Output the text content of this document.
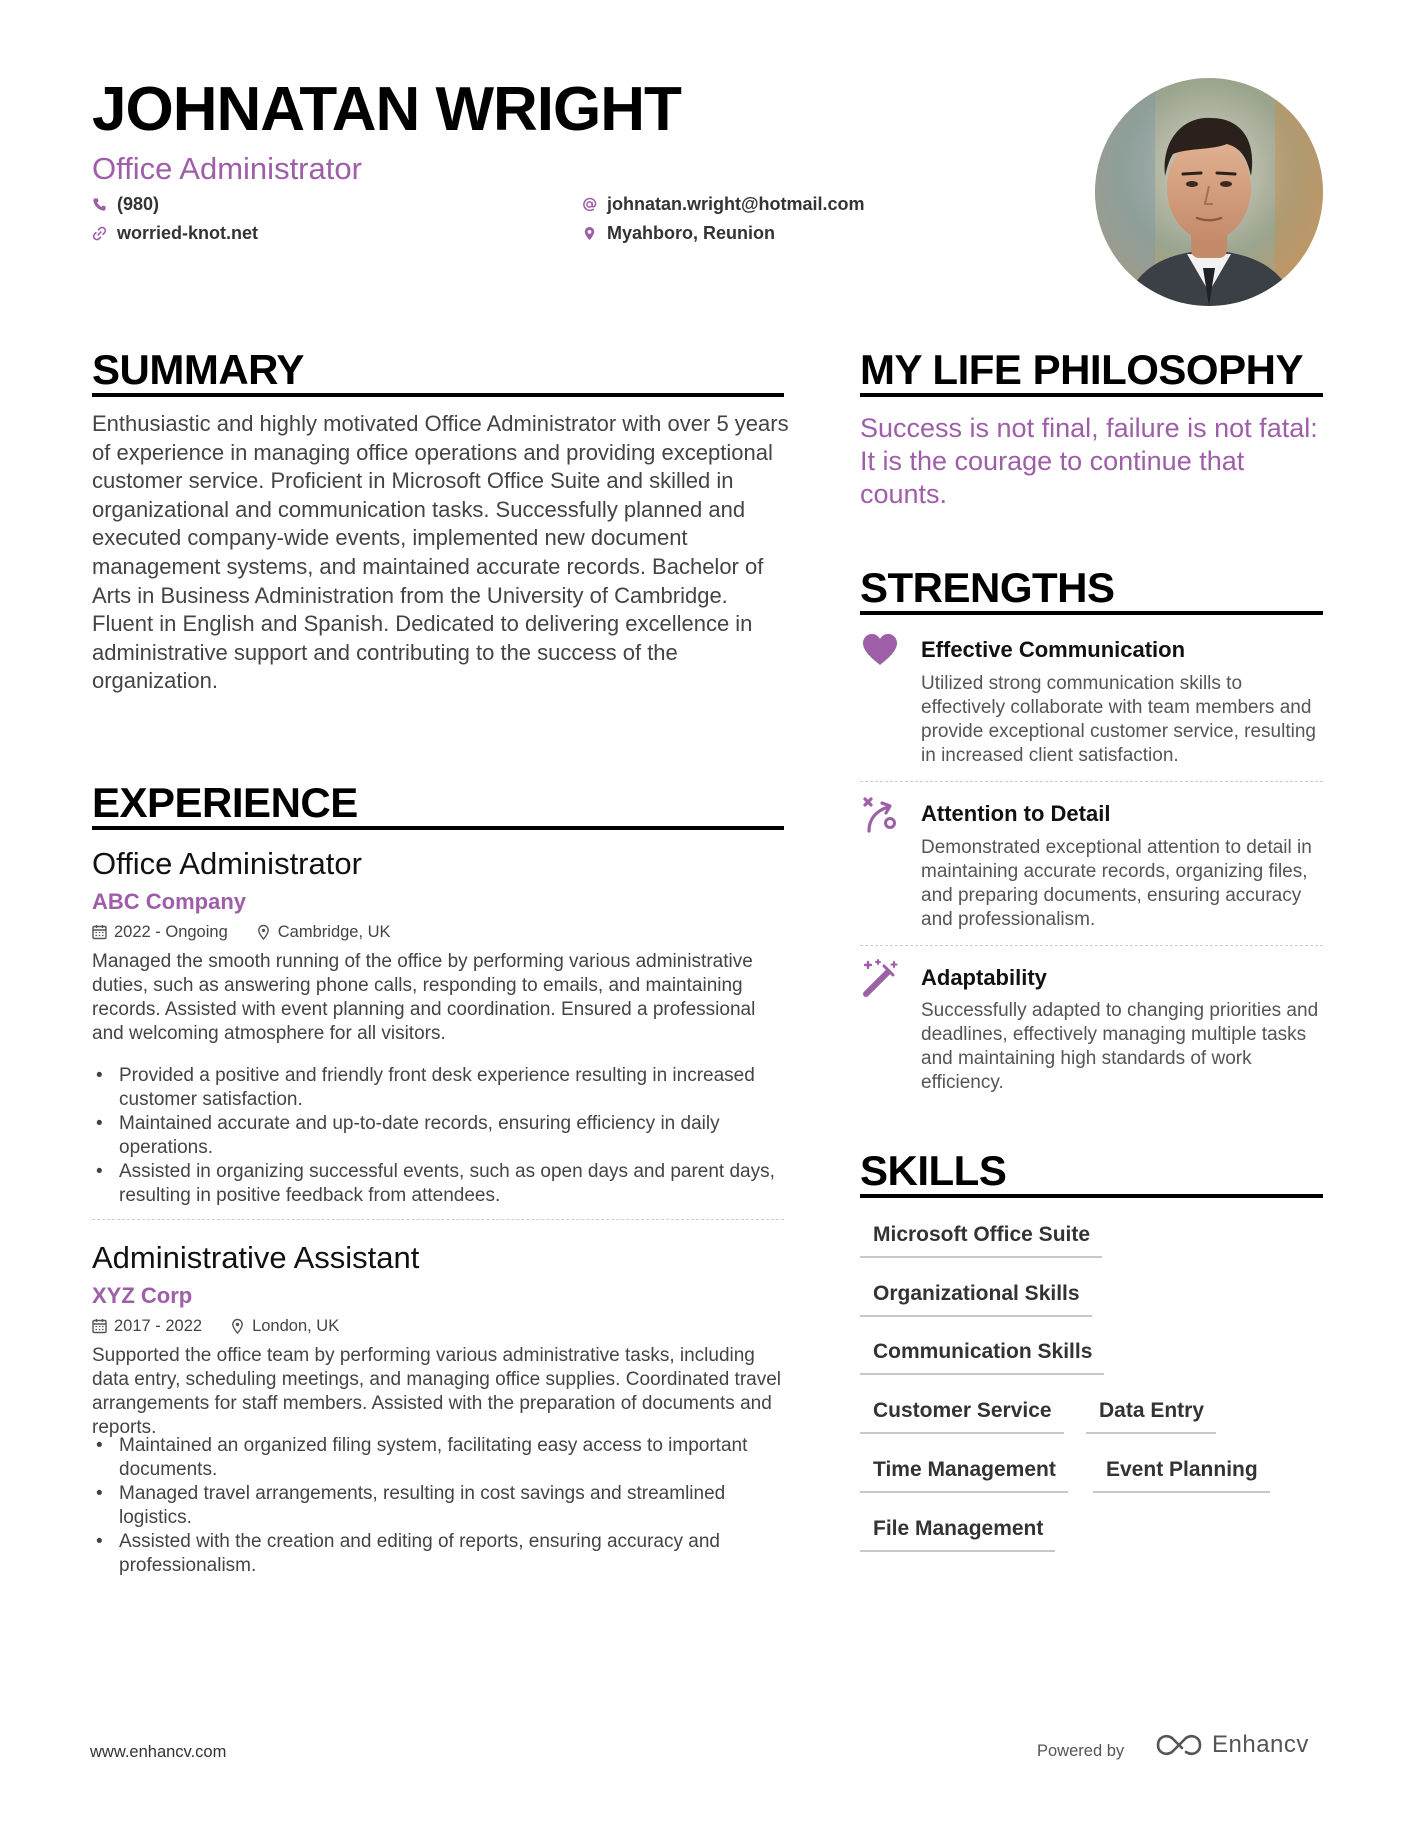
JOHNATAN WRIGHT
Office Administrator
(980)
worried-knot.net
johnatan.wright@hotmail.com
Myahboro, Reunion
SUMMARY
Enthusiastic and highly motivated Office Administrator with over 5 years of experience in managing office operations and providing exceptional customer service. Proficient in Microsoft Office Suite and skilled in organizational and communication tasks. Successfully planned and executed company-wide events, implemented new document management systems, and maintained accurate records. Bachelor of Arts in Business Administration from the University of Cambridge. Fluent in English and Spanish. Dedicated to delivering excellence in administrative support and contributing to the success of the organization.
EXPERIENCE
Office Administrator
ABC Company
2022 - Ongoing	Cambridge, UK
Managed the smooth running of the office by performing various administrative duties, such as answering phone calls, responding to emails, and maintaining records. Assisted with event planning and coordination. Ensured a professional and welcoming atmosphere for all visitors.
• Provided a positive and friendly front desk experience resulting in increased customer satisfaction.
• Maintained accurate and up-to-date records, ensuring efficiency in daily operations.
• Assisted in organizing successful events, such as open days and parent days, resulting in positive feedback from attendees.
Administrative Assistant
XYZ Corp
2017 - 2022	London, UK
Supported the office team by performing various administrative tasks, including data entry, scheduling meetings, and managing office supplies. Coordinated travel arrangements for staff members. Assisted with the preparation of documents and reports.
• Maintained an organized filing system, facilitating easy access to important documents.
• Managed travel arrangements, resulting in cost savings and streamlined logistics.
• Assisted with the creation and editing of reports, ensuring accuracy and professionalism.
MY LIFE PHILOSOPHY
Success is not final, failure is not fatal: It is the courage to continue that counts.
STRENGTHS
Effective Communication
Utilized strong communication skills to effectively collaborate with team members and provide exceptional customer service, resulting in increased client satisfaction.
Attention to Detail
Demonstrated exceptional attention to detail in maintaining accurate records, organizing files, and preparing documents, ensuring accuracy and professionalism.
Adaptability
Successfully adapted to changing priorities and deadlines, effectively managing multiple tasks and maintaining high standards of work efficiency.
SKILLS
Microsoft Office Suite
Organizational Skills
Communication Skills
Customer Service	Data Entry
Time Management	Event Planning
File Management
www.enhancv.com	Powered by	Enhancv
